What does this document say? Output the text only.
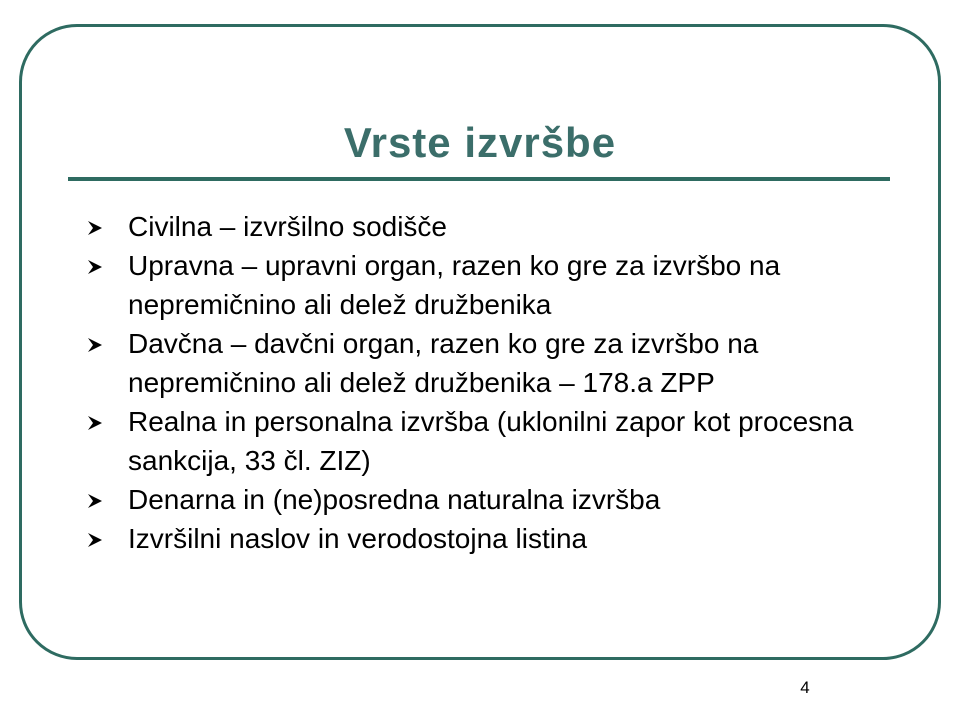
Vrste izvršbe
Civilna – izvršilno sodišče
Upravna – upravni organ, razen ko gre za izvršbo na nepremičnino ali delež družbenika
Davčna – davčni organ, razen ko gre za izvršbo na nepremičnino ali delež družbenika – 178.a ZPP
Realna in personalna izvršba (uklonilni zapor kot procesna sankcija, 33 čl. ZIZ)
Denarna in (ne)posredna naturalna izvršba
Izvršilni naslov in verodostojna listina
4
